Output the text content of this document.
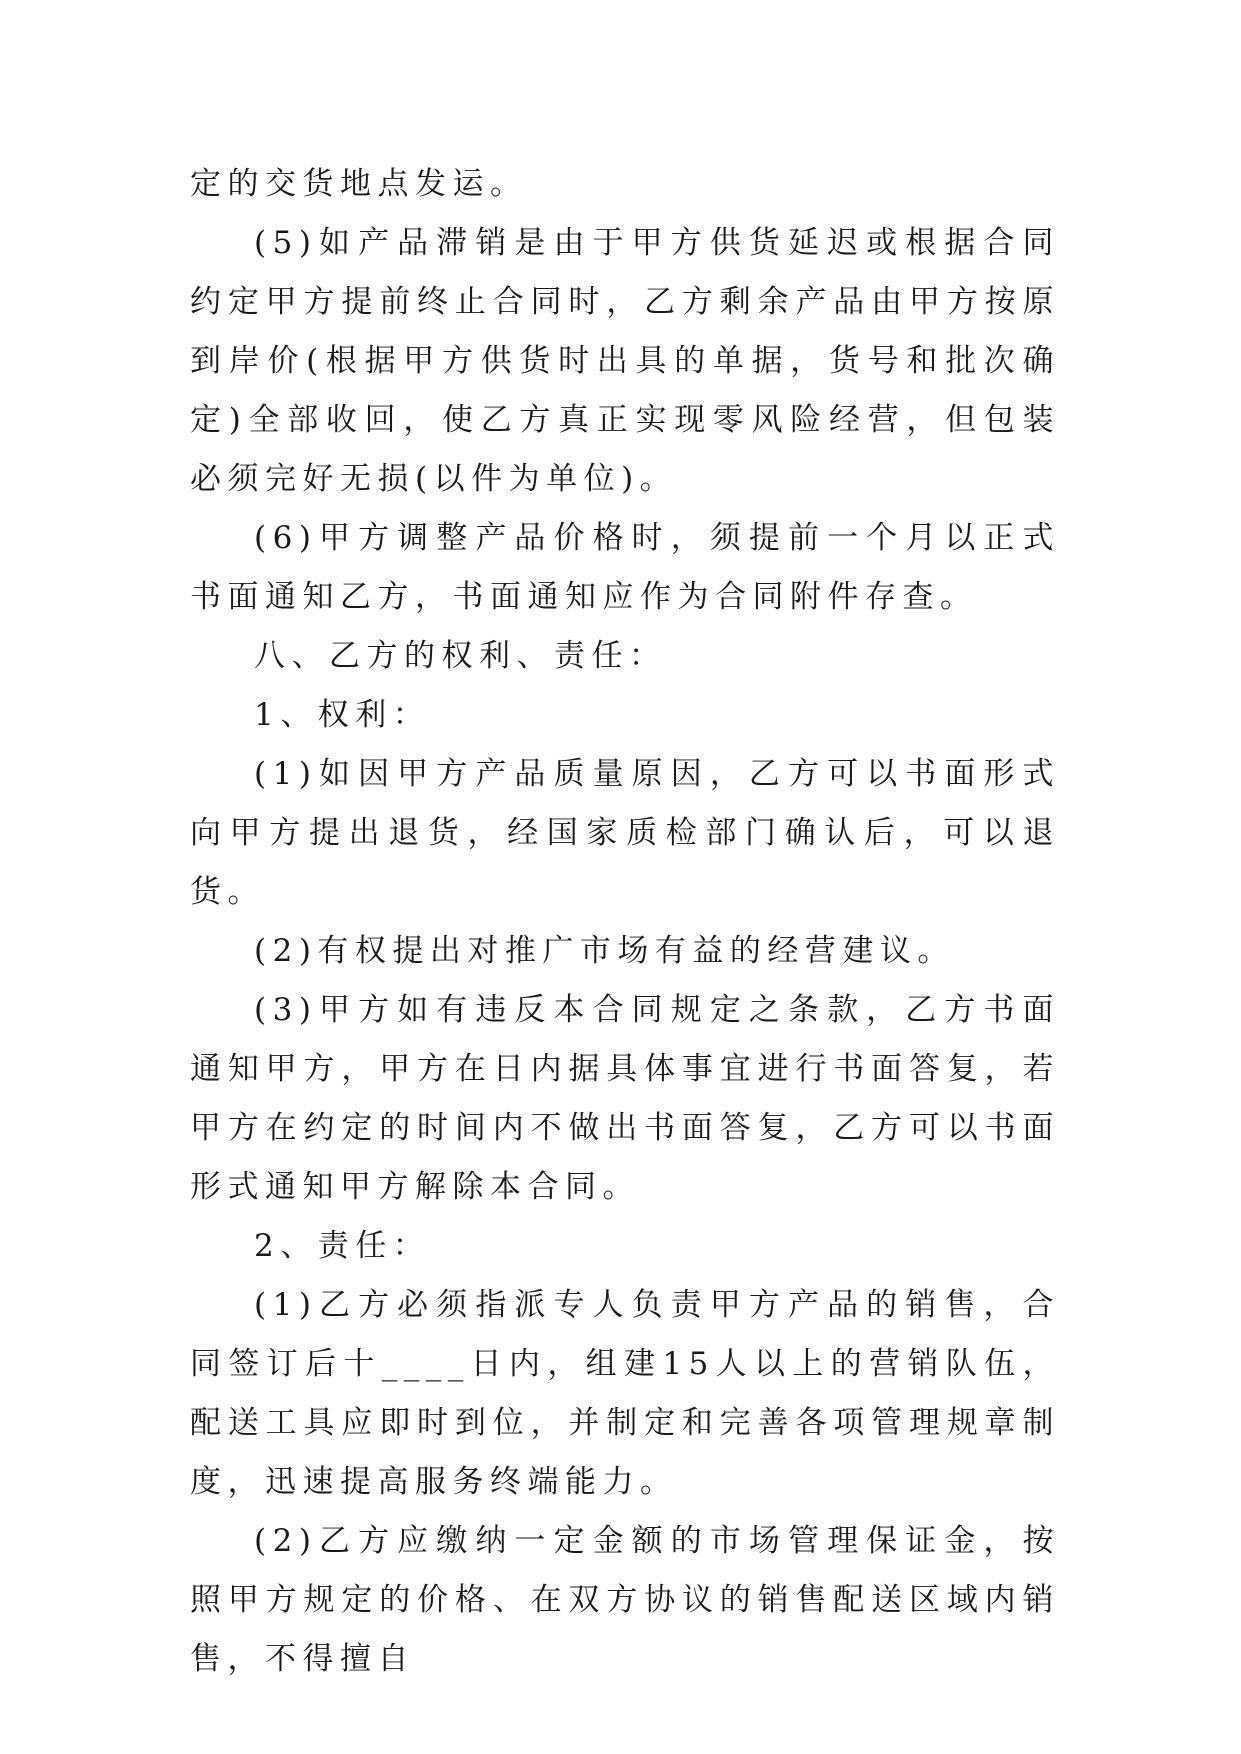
定的交货地点发运。

(5)如产品滞销是由于甲方供货延迟或根据合同约定甲方提前终止合同时，乙方剩余产品由甲方按原到岸价(根据甲方供货时出具的单据，货号和批次确定)全部收回，使乙方真正实现零风险经营，但包装必须完好无损(以件为单位)。

(6)甲方调整产品价格时，须提前一个月以正式书面通知乙方，书面通知应作为合同附件存查。

八、乙方的权利、责任：

1、权利：

(1)如因甲方产品质量原因，乙方可以书面形式向甲方提出退货，经国家质检部门确认后，可以退货。

(2)有权提出对推广市场有益的经营建议。

(3)甲方如有违反本合同规定之条款，乙方书面通知甲方，甲方在日内据具体事宜进行书面答复，若甲方在约定的时间内不做出书面答复，乙方可以书面形式通知甲方解除本合同。

2、责任：

(1)乙方必须指派专人负责甲方产品的销售，合同签订后十____日内，组建15人以上的营销队伍，配送工具应即时到位，并制定和完善各项管理规章制度，迅速提高服务终端能力。

(2)乙方应缴纳一定金额的市场管理保证金，按照甲方规定的价格、在双方协议的销售配送区域内销售，不得擅自
